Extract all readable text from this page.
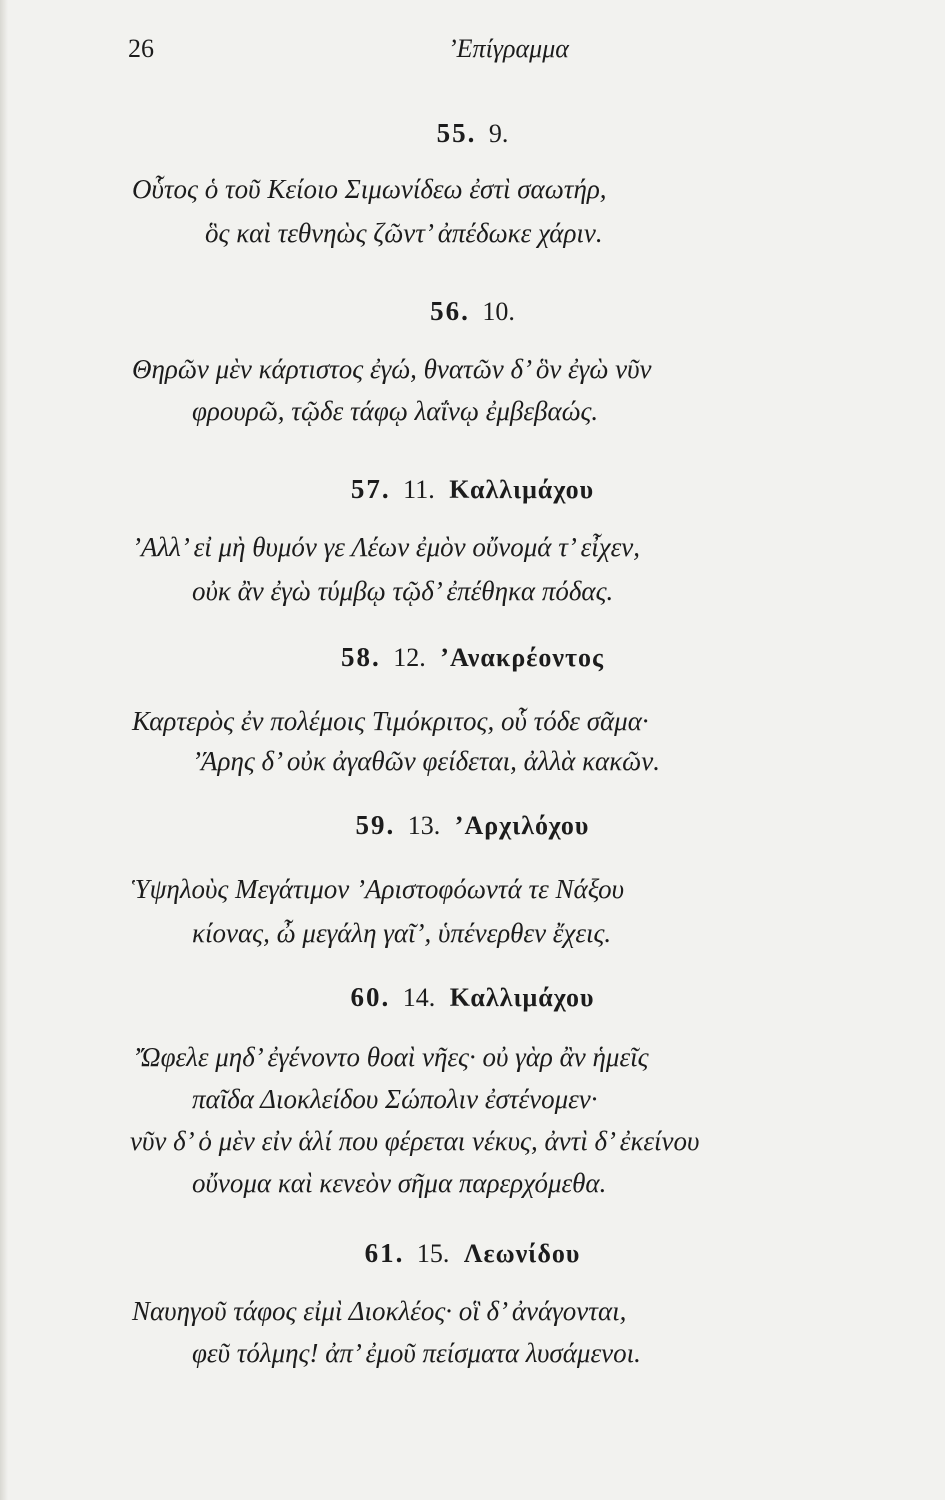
26	’Επίγραμμα
55. 9.
Οὗτος ὁ τοῦ Κείοιο Σιμωνίδεω ἐστὶ σαωτήρ,
ὃς καὶ τεθνηὼς ζῶντ’ ἀπέδωκε χάριν.
56. 10.
Θηρῶν μὲν κάρτιστος ἐγώ, θνατῶν δ’ ὃν ἐγὼ νῦν
φρουρῶ, τῷδε τάφῳ λαΐνῳ ἐμβεβαώς.
57. 11. Καλλιμάχου
’Αλλ’ εἰ μὴ θυμόν γε Λέων ἐμὸν οὔνομά τ’ εἶχεν,
οὐκ ἂν ἐγὼ τύμβῳ τῷδ’ ἐπέθηκα πόδας.
58. 12. ’Ανακρέοντος
Καρτερὸς ἐν πολέμοις Τιμόκριτος, οὗ τόδε σᾶμα·
’Άρης δ’ οὐκ ἀγαθῶν φείδεται, ἀλλὰ κακῶν.
59. 13. ’Αρχιλόχου
Ὑψηλοὺς Μεγάτιμον ’Αριστοφόωντά τε Νάξου
κίονας, ὦ μεγάλη γαῖ’, ὑπένερθεν ἔχεις.
60. 14. Καλλιμάχου
’Ώφελε μηδ’ ἐγένοντο θοαὶ νῆες· οὐ γὰρ ἂν ἡμεῖς
παῖδα Διοκλείδου Σώπολιν ἐστένομεν·
νῦν δ’ ὁ μὲν εἰν ἁλί που φέρεται νέκυς, ἀντὶ δ’ ἐκείνου
οὔνομα καὶ κενεὸν σῆμα παρερχόμεθα.
61. 15. Λεωνίδου
Ναυηγοῦ τάφος εἰμὶ Διοκλέος· οἳ δ’ ἀνάγονται,
φεῦ τόλμης! ἀπ’ ἐμοῦ πείσματα λυσάμενοι.
